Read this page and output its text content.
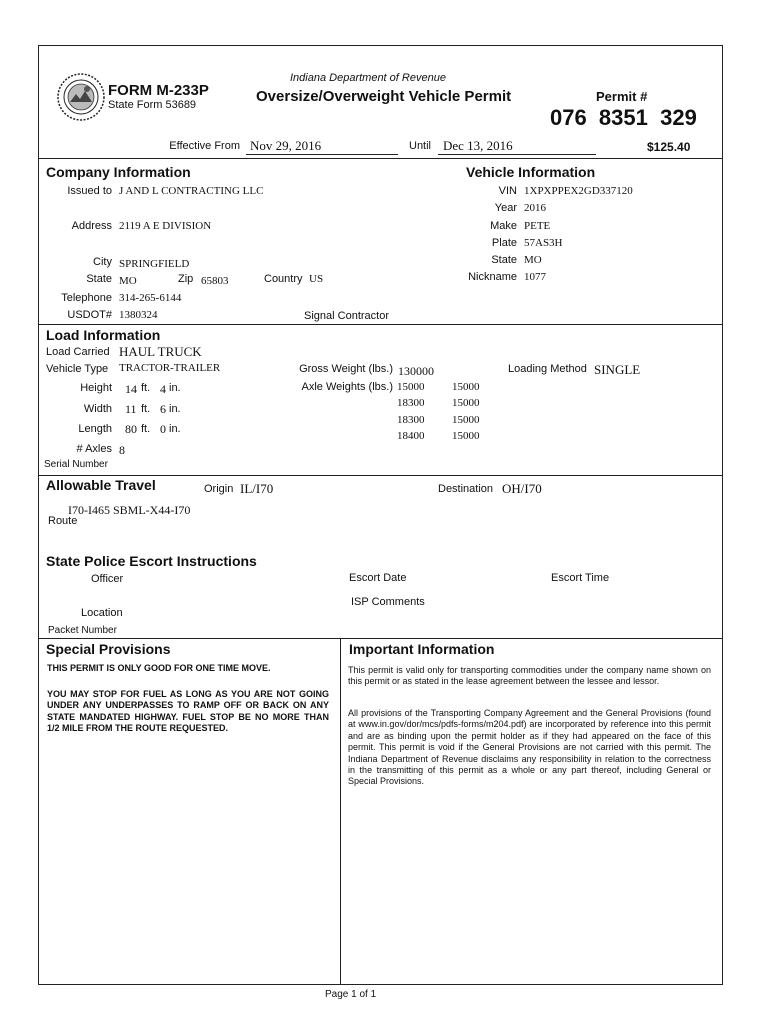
FORM M-233P
State Form 53689
Indiana Department of Revenue
Oversize/Overweight Vehicle Permit	Permit #
076  8351  329
Effective From Nov 29, 2016	Until Dec 13, 2016	$125.40
Company Information
Issued to J AND L CONTRACTING LLC
Address 2119 A E DIVISION
City SPRINGFIELD
State MO	Zip 65803	Country US
Telephone 314-265-6144
USDOT# 1380324	Signal Contractor
Vehicle Information
VIN 1XPXPPEX2GD337120
Year 2016
Make PETE
Plate 57AS3H
State MO
Nickname 1077
Load Information
Load Carried HAUL TRUCK
Vehicle Type TRACTOR-TRAILER
Height 14 ft. 4 in.
Width 11 ft. 6 in.
Length 80 ft. 0 in.
# Axles 8
Serial Number
Gross Weight (lbs.) 130000
Axle Weights (lbs.) 15000	15000
18300	15000
18300	15000
18400	15000
Loading Method SINGLE
Allowable Travel	Origin IL/I70	Destination OH/I70
I70-I465 SBML-X44-I70
Route
State Police Escort Instructions
Officer	Escort Date	Escort Time
ISP Comments
Location
Packet Number
Special Provisions
THIS PERMIT IS ONLY GOOD FOR ONE TIME MOVE.
YOU MAY STOP FOR FUEL AS LONG AS YOU ARE NOT GOING UNDER ANY UNDERPASSES TO RAMP OFF OR BACK ON ANY STATE MANDATED HIGHWAY. FUEL STOP BE NO MORE THAN 1/2 MILE FROM THE ROUTE REQUESTED.
Important Information
This permit is valid only for transporting commodities under the company name shown on this permit or as stated in the lease agreement between the lessee and lessor.
All provisions of the Transporting Company Agreement and the General Provisions (found at www.in.gov/dor/mcs/pdfs-forms/m204.pdf) are incorporated by reference into this permit and are as binding upon the permit holder as if they had appeared on the face of this permit. This permit is void if the General Provisions are not carried with this permit. The Indiana Department of Revenue disclaims any responsibility in relation to the correctness in the transmitting of this permit as a whole or any part thereof, including General or Special Provisions.
Page 1 of 1
